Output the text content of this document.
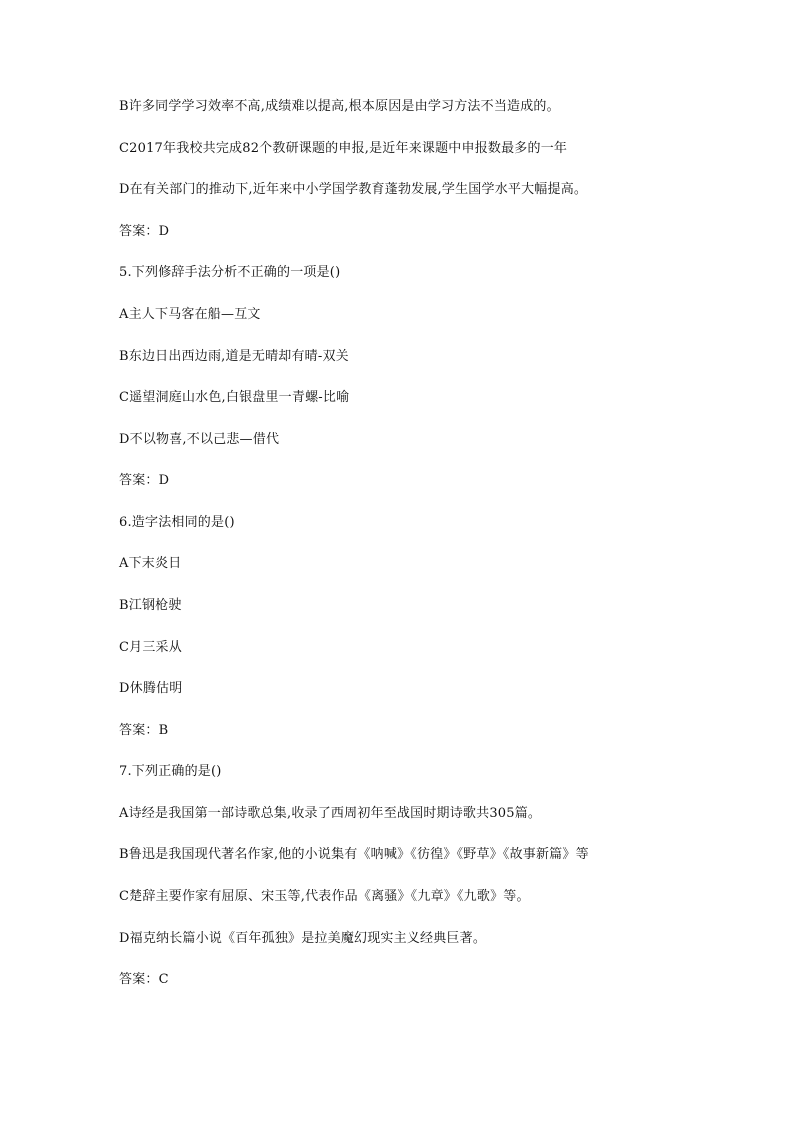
B许多同学学习效率不高,成绩难以提高,根本原因是由学习方法不当造成的。
C2017年我校共完成82个教研课题的申报,是近年来课题中申报数最多的一年
D在有关部门的推动下,近年来中小学国学教育蓬勃发展,学生国学水平大幅提高。
答案：D
5.下列修辞手法分析不正确的一项是()
A主人下马客在船—互文
B东边日出西边雨,道是无晴却有晴-双关
C遥望洞庭山水色,白银盘里一青螺-比喻
D不以物喜,不以己悲—借代
答案：D
6.造字法相同的是()
A下末炎日
B江钢枪驶
C月三采从
D休腾估明
答案：B
7.下列正确的是()
A诗经是我国第一部诗歌总集,收录了西周初年至战国时期诗歌共305篇。
B鲁迅是我国现代著名作家,他的小说集有《呐喊》《彷徨》《野草》《故事新篇》等
C楚辞主要作家有屈原、宋玉等,代表作品《离骚》《九章》《九歌》等。
D福克纳长篇小说《百年孤独》是拉美魔幻现实主义经典巨著。
答案：C
